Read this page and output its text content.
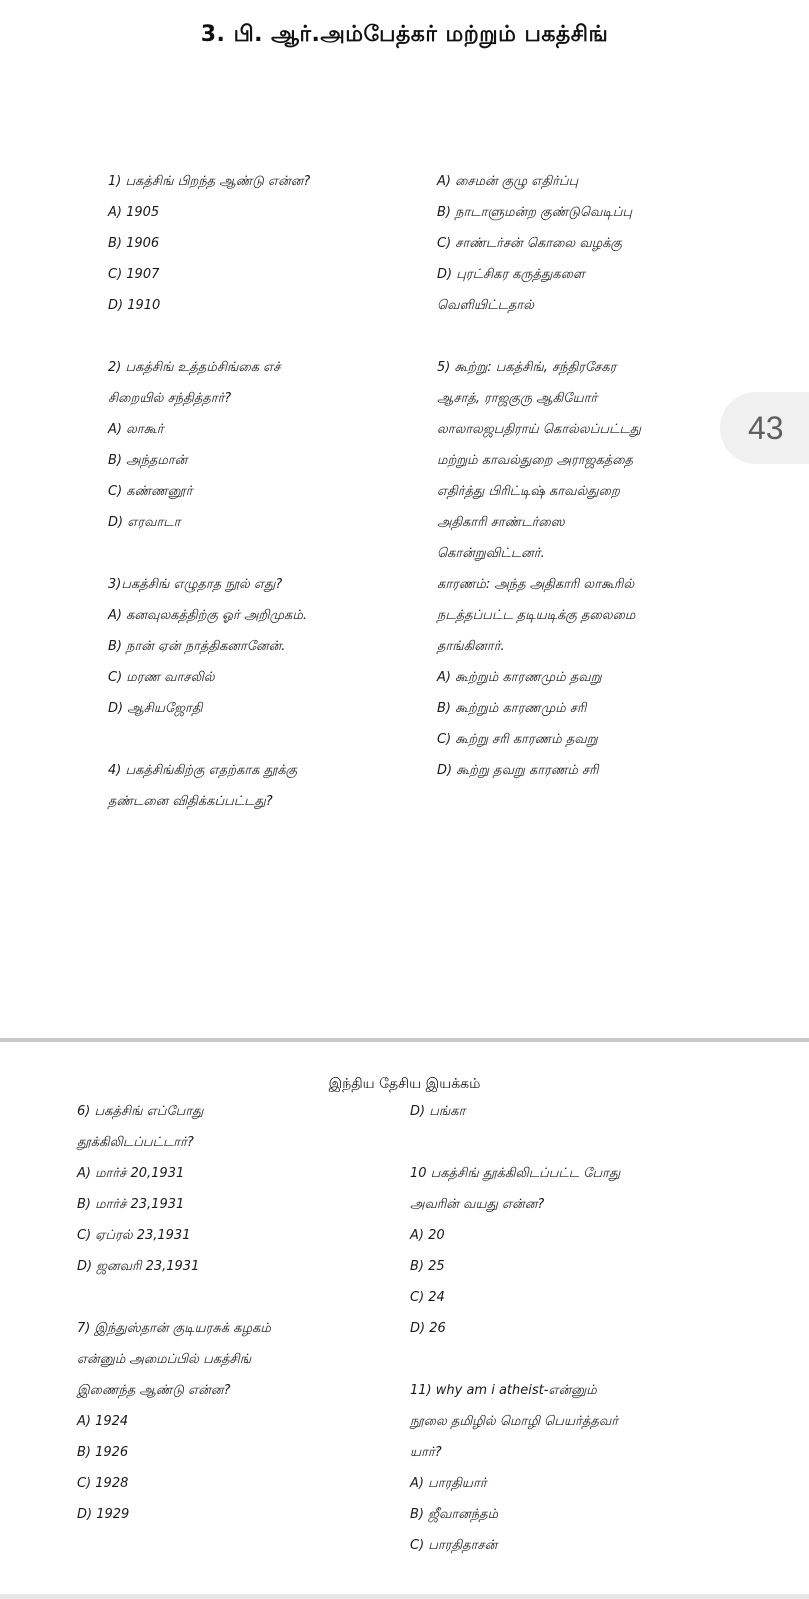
3. பி. ஆர்.அம்பேத்கர் மற்றும் பகத்சிங்
1) பகத்சிங் பிறந்த ஆண்டு என்ன?
A) 1905
B) 1906
C) 1907
D) 1910
2) பகத்சிங் உத்தம்சிங்கை எச்
சிறையில் சந்தித்தார்?
A) லாகூர்
B) அந்தமான்
C) கண்ணனூர்
D) எரவாடா
3)பகத்சிங் எழுதாத நூல் எது?
A) கனவுலகத்திற்கு ஓர் அறிமுகம்.
B) நான் ஏன் நாத்திகனானேன்.
C) மரண வாசலில்
D) ஆசியஜோதி
4) பகத்சிங்கிற்கு எதற்காக தூக்கு
தண்டனை விதிக்கப்பட்டது?
A) சைமன் குழு எதிர்ப்பு
B) நாடாளுமன்ற குண்டுவெடிப்பு
C) சாண்டர்சன் கொலை வழக்கு
D) புரட்சிகர கருத்துகளை
வெளியிட்டதால்
5) கூற்று: பகத்சிங், சந்திரசேகர
ஆசாத், ராஜகுரு ஆகியோர்
லாலாலஜபதிராய் கொல்லப்பட்டது
மற்றும் காவல்துறை அராஜகத்தை
எதிர்த்து பிரிட்டிஷ் காவல்துறை
அதிகாரி சாண்டர்ஸை
கொன்றுவிட்டனர்.
காரணம்: அந்த அதிகாரி லாகூரில்
நடத்தப்பட்ட தடியடிக்கு தலைமை
தாங்கினார்.
A) கூற்றும் காரணமும் தவறு
B) கூற்றும் காரணமும் சரி
C) கூற்று சரி காரணம் தவறு
D) கூற்று தவறு காரணம் சரி
43
இந்திய தேசிய இயக்கம்
6) பகத்சிங் எப்போது
தூக்கிலிடப்பட்டார்?
A) மார்ச் 20,1931
B) மார்ச் 23,1931
C) ஏப்ரல் 23,1931
D) ஜனவரி 23,1931
7) இந்துஸ்தான் குடியரசுக் கழகம்
என்னும் அமைப்பில் பகத்சிங்
இணைந்த ஆண்டு என்ன?
A) 1924
B) 1926
C) 1928
D) 1929
D) பங்கா
10 பகத்சிங் தூக்கிலிடப்பட்ட போது
அவரின் வயது என்ன?
A) 20
B) 25
C) 24
D) 26
11) why am i atheist-என்னும்
நூலை தமிழில் மொழி பெயர்த்தவர்
யார்?
A) பாரதியார்
B) ஜீவானந்தம்
C) பாரதிதாசன்
